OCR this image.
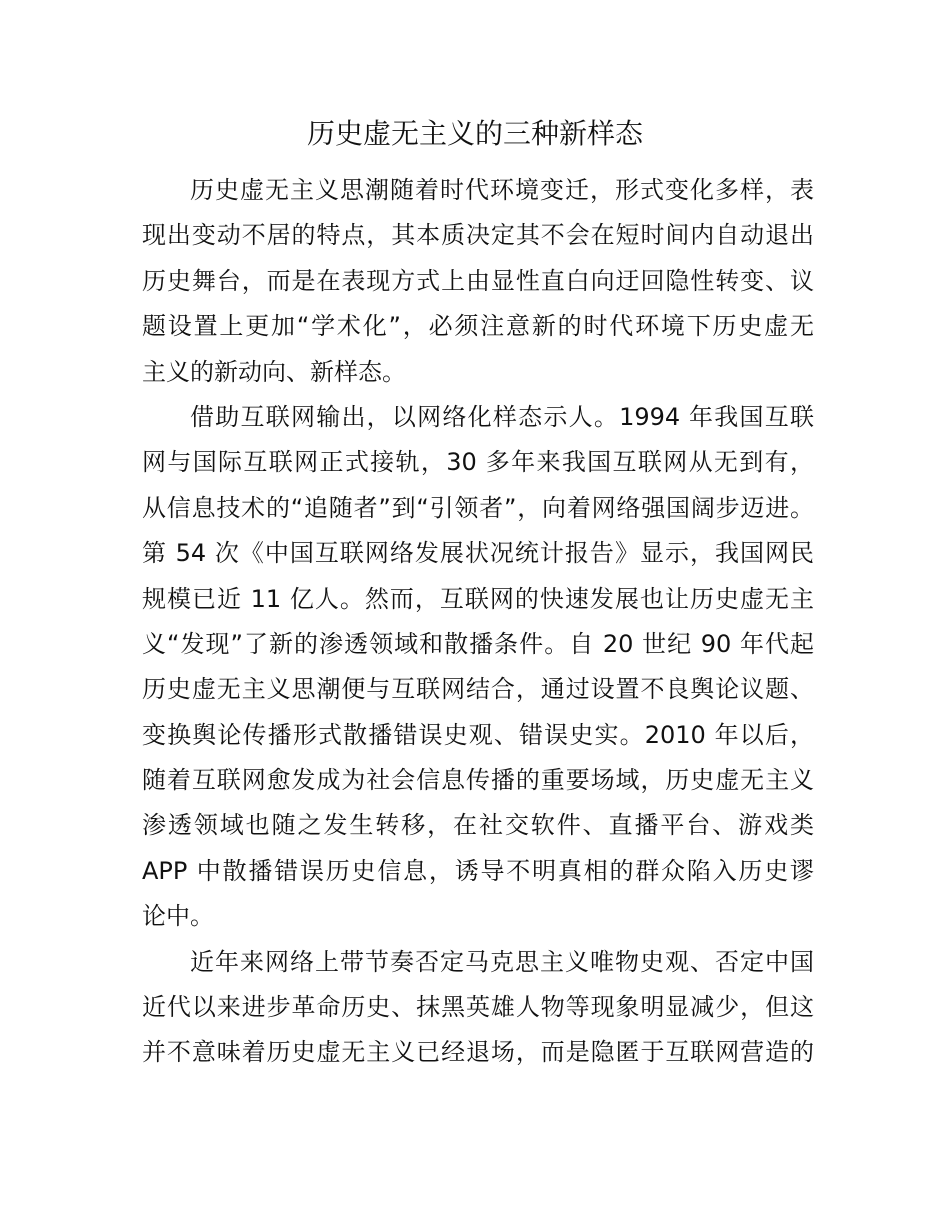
历史虚无主义的三种新样态
历史虚无主义思潮随着时代环境变迁，形式变化多样，表
现出变动不居的特点，其本质决定其不会在短时间内自动退出
历史舞台，而是在表现方式上由显性直白向迂回隐性转变、议
题设置上更加“学术化”，必须注意新的时代环境下历史虚无
主义的新动向、新样态。
借助互联网输出，以网络化样态示人。1994 年我国互联
网与国际互联网正式接轨，30 多年来我国互联网从无到有，
从信息技术的“追随者”到“引领者”，向着网络强国阔步迈进。
第 54 次《中国互联网络发展状况统计报告》显示，我国网民
规模已近 11 亿人。然而，互联网的快速发展也让历史虚无主
义“发现”了新的渗透领域和散播条件。自 20 世纪 90 年代起
历史虚无主义思潮便与互联网结合，通过设置不良舆论议题、
变换舆论传播形式散播错误史观、错误史实。2010 年以后，
随着互联网愈发成为社会信息传播的重要场域，历史虚无主义
渗透领域也随之发生转移，在社交软件、直播平台、游戏类
APP 中散播错误历史信息，诱导不明真相的群众陷入历史谬
论中。
近年来网络上带节奏否定马克思主义唯物史观、否定中国
近代以来进步革命历史、抹黑英雄人物等现象明显减少，但这
并不意味着历史虚无主义已经退场，而是隐匿于互联网营造的
